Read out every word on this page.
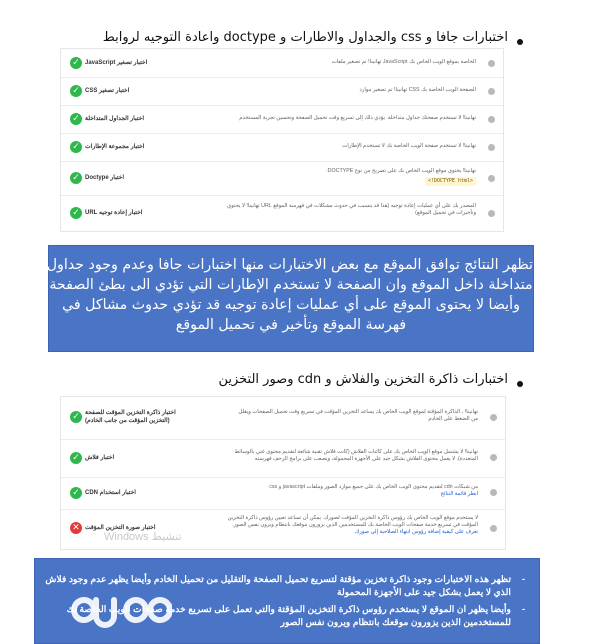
اختبارات جافا و css والجداول والاطارات و doctype واعادة التوجيه لروابط
✓ اختبار تصغير JavaScript	الخاصة بموقع الويب الخاص بك JavaScript تهانينا! تم تصغير ملفات
✓ اختبار تصغير CSS	الصفحة الويب الخاصة بك CSS تهانينا! تم تصغير موارد
✓ اختبار الجداول المتداخلة	تهانينا! لا تستخدم صفحتك جداول متداخلة. يؤدي ذلك إلى تسريع وقت تحميل الصفحة وتحسين تجربة المستخدم
✓ اختبار مجموعة الإطارات	تهانينا! لا تستخدم صفحة الويب الخاصة بك لا تستخدم الإطارات
✓ اختبار Doctype
تهانينا! يحتوي موقع الويب الخاص بك على تصريح من نوع DOCTYPE:
<!DOCTYPE html>
✓ اختبار إعادة توجيه URL
المصدر بك على أي عمليات إعادة توجيه (هذا قد يتسبب في حدوث مشكلات في فهرسة الموقع URL تهانينا! لا يحتوي
وتأخيرات في تحميل الموقع)
تظهر النتائج توافق الموقع مع بعض الاختبارات منها اختبارات جافا وعدم وجود جداول
متداخلة داخل الموقع وان الصفحة لا تستخدم الإطارات التي تؤدي الى بطئ الصفحة
وأيضا لا يحتوى الموقع على أي عمليات إعادة توجيه قد تؤدي حدوث مشاكل في
فهرسة الموقع وتأخير في تحميل الموقع
اختبارات ذاكرة التخزين والفلاش و cdn وصور التخزين
✓ اختبار ذاكرة التخزين المؤقت للصفحة (التخزين المؤقت من جانب الخادم)
تهانينا! ، الذاكرة المؤقتة لموقع الويب الخاص بك يساعد التخزين المؤقت في تسريع وقت تحميل الصفحات ويقلل
من الضغط على الخادم
✓ اختبار فلاش
تهانينا! لا يشتمل موقع الويب الخاص بك على كائنات الفلاش (كانت فلاش تقنية شائعة لتقديم محتوى غني بالوسائط
المتعددة). لا يعمل محتوى الفلاش بشكل جيد على الأجهزة المحمولة، ويصعب على برامج الزحف فهرسته
✓ اختبار استخدام CDN
من شبكات cdn لتقديم محتوى الويب الخاص بك على جميع موارد الصور وملفات javascript و css
انظر قائمة النتائج
✕ اختبار صورة التخزين المؤقت
لا يستخدم موقع الويب الخاص بك رؤوس ذاكرة التخزين المؤقت لصورك. يمكن أن تساعد تعيين رؤوس ذاكرة التخزين
المؤقت في تسريع خدمة صفحات الويب الخاصة بك للمستخدمين الذين يزورون موقعك بانتظام ويرون نفس الصور.
تعرف على كيفية إضافة رؤوس انتهاء الصلاحية إلى صورك
تنشيط Windows
-
تظهر هذه الاختبارات وجود ذاكرة تخزين مؤقتة لتسريع تحميل الصفحة والتقليل من تحميل الخادم وأيضا يظهر عدم وجود فلاش الذي لا يعمل بشكل جيد على الأجهزة المحمولة
-
وأيضا يظهر ان الموقع لا يستخدم رؤوس ذاكرة التخزين المؤقتة والتي تعمل على تسريع خدمة صفحات الويب الخاصة بك للمستخدمين الذين يزورون موقعك بانتظام ويرون نفس الصور
